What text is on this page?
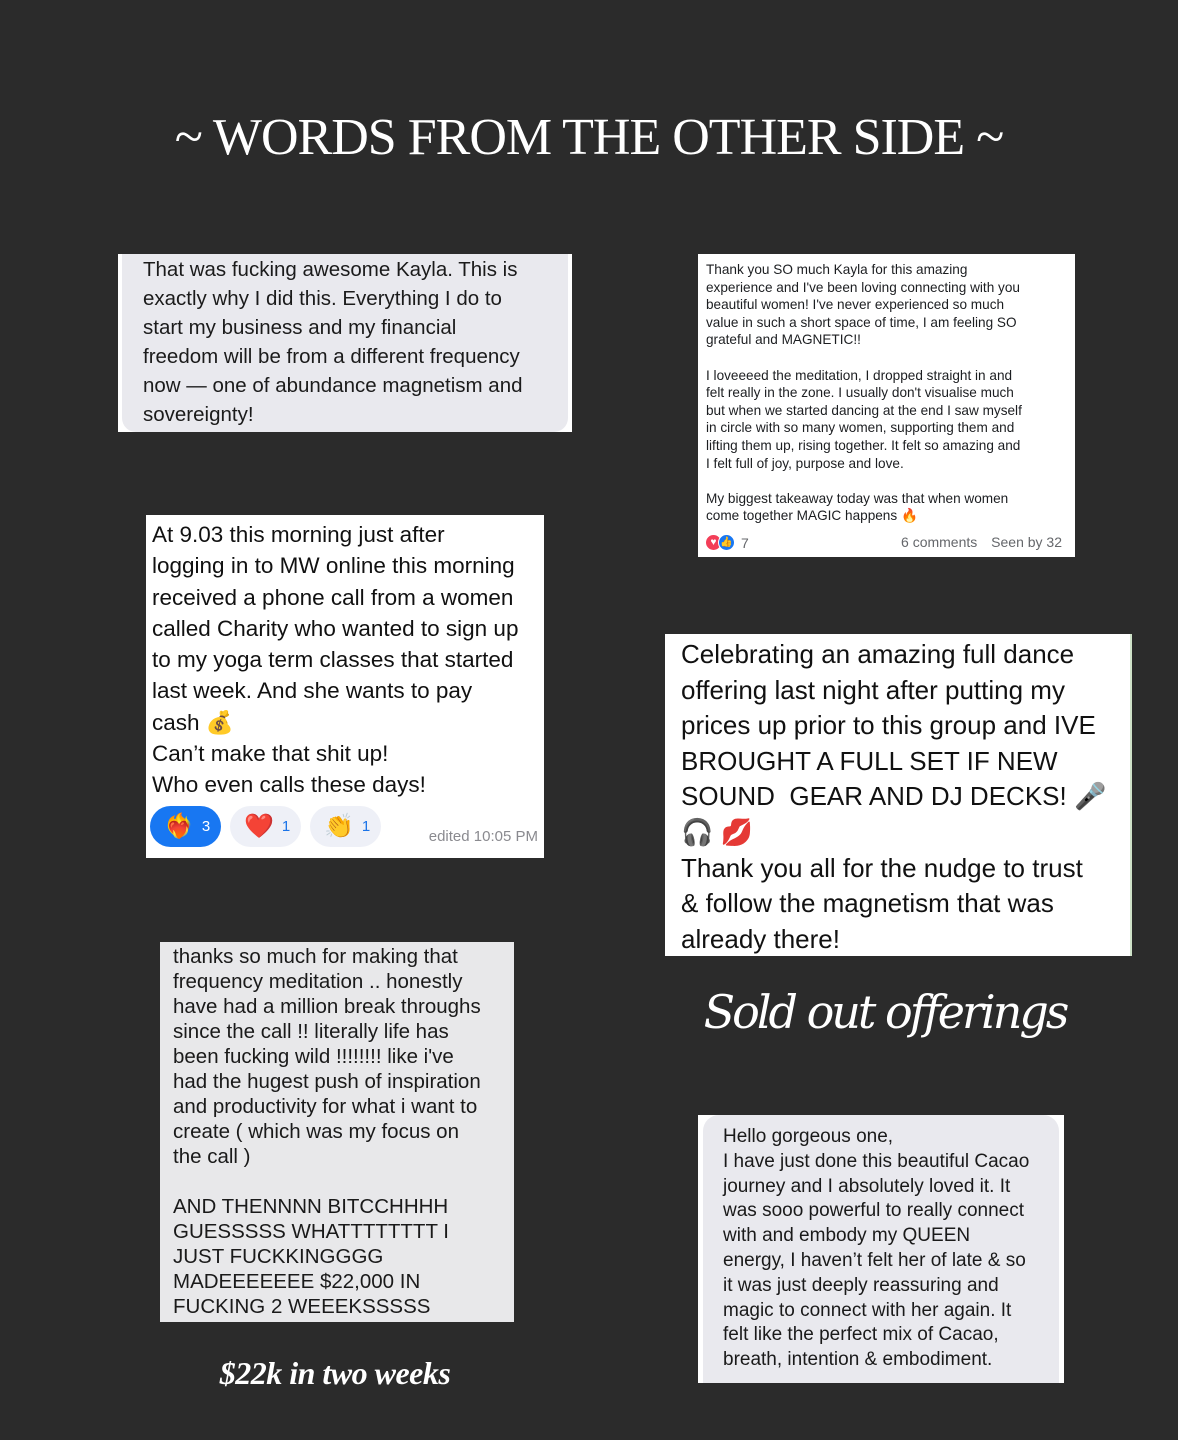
~ WORDS FROM THE OTHER SIDE ~

That was fucking awesome Kayla. This is
exactly why I did this. Everything I do to
start my business and my financial
freedom will be from a different frequency
now — one of abundance magnetism and
sovereignty!

Thank you SO much Kayla for this amazing
experience and I've been loving connecting with you
beautiful women! I've never experienced so much
value in such a short space of time, I am feeling SO
grateful and MAGNETIC!!

I loveeeed the meditation, I dropped straight in and
felt really in the zone. I usually don't visualise much
but when we started dancing at the end I saw myself
in circle with so many women, supporting them and
lifting them up, rising together. It felt so amazing and
I felt full of joy, purpose and love.

My biggest takeaway today was that when women
come together MAGIC happens 🔥

♥ 👍 7	6 comments Seen by 32

At 9.03 this morning just after
logging in to MW online this morning
received a phone call from a women
called Charity who wanted to sign up
to my yoga term classes that started
last week. And she wants to pay
cash 💰
Can’t make that shit up!
Who even calls these days!

❤️‍🔥 3 ❤️ 1 👏 1
edited 10:05 PM

Celebrating an amazing full dance
offering last night after putting my
prices up prior to this group and IVE
BROUGHT A FULL SET IF NEW
SOUND  GEAR AND DJ DECKS! 🎤
🎧 💋
Thank you all for the nudge to trust
& follow the magnetism that was
already there!

Sold out offerings

thanks so much for making that
frequency meditation .. honestly
have had a million break throughs
since the call !! literally life has
been fucking wild !!!!!!!! like i've
had the hugest push of inspiration
and productivity for what i want to
create ( which was my focus on
the call )

AND THENNNN BITCCHHHH
GUESSSSS WHATTTTTTTT I
JUST FUCKKINGGGG
MADEEEEEEE $22,000 IN
FUCKING 2 WEEEKSSSSS

Hello gorgeous one,
I have just done this beautiful Cacao
journey and I absolutely loved it. It
was sooo powerful to really connect
with and embody my QUEEN
energy, I haven’t felt her of late & so
it was just deeply reassuring and
magic to connect with her again. It
felt like the perfect mix of Cacao,
breath, intention & embodiment.

$22k in two weeks
